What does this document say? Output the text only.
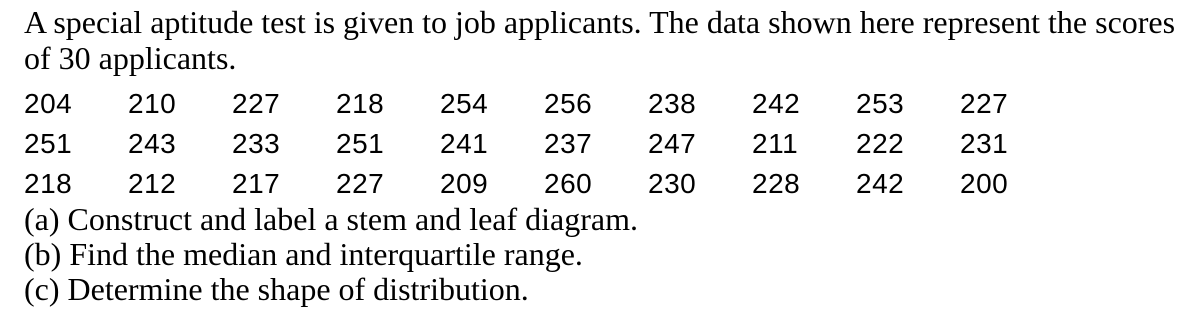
A special aptitude test is given to job applicants. The data shown here represent the scores of 30 applicants.

204	210	227	218	254	256	238	242	253	227
251	243	233	251	241	237	247	211	222	231
218	212	217	227	209	260	230	228	242	200

(a) Construct and label a stem and leaf diagram.

(b) Find the median and interquartile range.

(c) Determine the shape of distribution.
